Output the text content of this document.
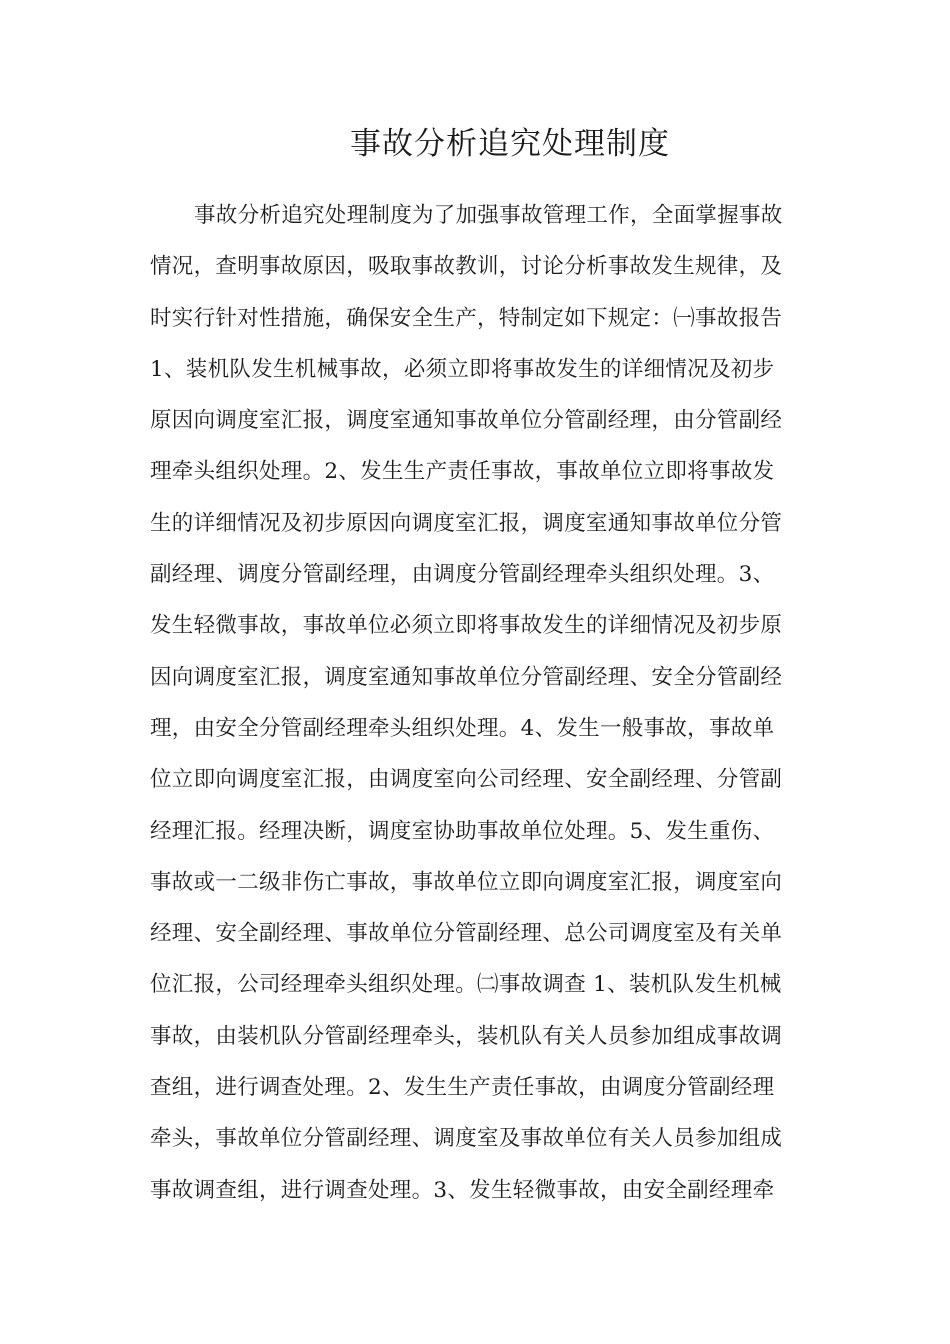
事故分析追究处理制度
事故分析追究处理制度为了加强事故管理工作，全面掌握事故
情况，查明事故原因，吸取事故教训，讨论分析事故发生规律，及
时实行针对性措施，确保安全生产，特制定如下规定：㈠事故报告
1、装机队发生机械事故，必须立即将事故发生的详细情况及初步
原因向调度室汇报，调度室通知事故单位分管副经理，由分管副经
理牵头组织处理。2、发生生产责任事故，事故单位立即将事故发
生的详细情况及初步原因向调度室汇报，调度室通知事故单位分管
副经理、调度分管副经理，由调度分管副经理牵头组织处理。3、
发生轻微事故，事故单位必须立即将事故发生的详细情况及初步原
因向调度室汇报，调度室通知事故单位分管副经理、安全分管副经
理，由安全分管副经理牵头组织处理。4、发生一般事故，事故单
位立即向调度室汇报，由调度室向公司经理、安全副经理、分管副
经理汇报。经理决断，调度室协助事故单位处理。5、发生重伤、
事故或一二级非伤亡事故，事故单位立即向调度室汇报，调度室向
经理、安全副经理、事故单位分管副经理、总公司调度室及有关单
位汇报，公司经理牵头组织处理。㈡事故调查 1、装机队发生机械
事故，由装机队分管副经理牵头，装机队有关人员参加组成事故调
查组，进行调查处理。2、发生生产责任事故，由调度分管副经理
牵头，事故单位分管副经理、调度室及事故单位有关人员参加组成
事故调查组，进行调查处理。3、发生轻微事故，由安全副经理牵
